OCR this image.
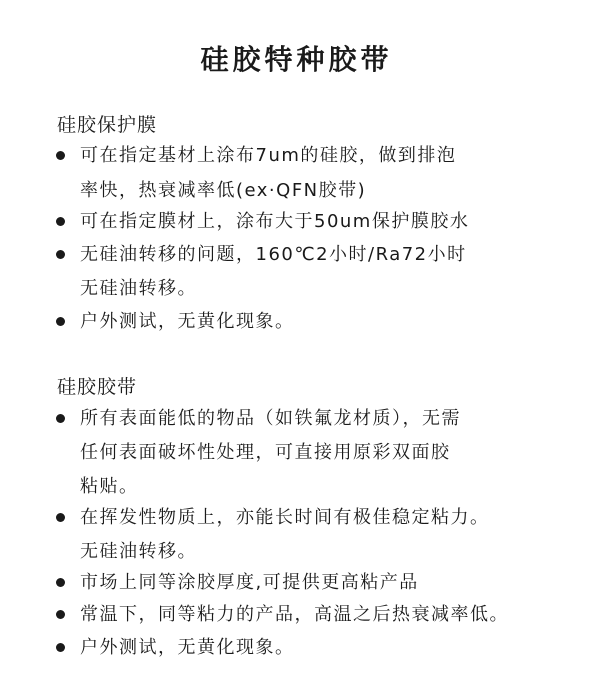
硅胶特种胶带
硅胶保护膜
可在指定基材上涂布7um的硅胶，做到排泡
率快，热衰减率低(ex·QFN胶带)
可在指定膜材上，涂布大于50um保护膜胶水
无硅油转移的问题，160℃2小时/Ra72小时
无硅油转移。
户外测试，无黄化现象。
硅胶胶带
所有表面能低的物品（如铁氟龙材质），无需
任何表面破坏性处理，可直接用原彩双面胶
粘贴。
在挥发性物质上，亦能长时间有极佳稳定粘力。
无硅油转移。
市场上同等涂胶厚度,可提供更高粘产品
常温下，同等粘力的产品，高温之后热衰减率低。
户外测试，无黄化现象。
